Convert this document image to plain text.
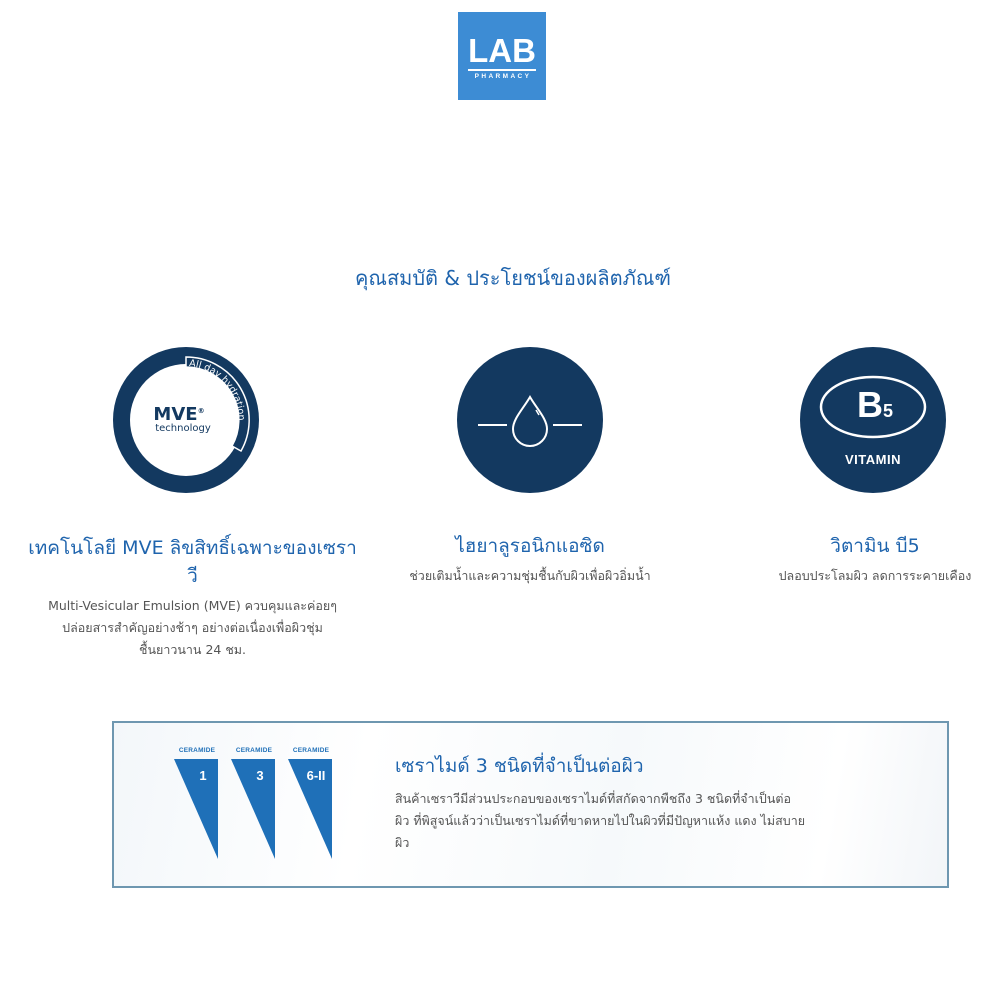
LAB
PHARMACY
คุณสมบัติ & ประโยชน์ของผลิตภัณฑ์
All day hydration
MVE®
technology
เทคโนโลยี MVE ลิขสิทธิ์เฉพาะของเซรา
วี
Multi-Vesicular Emulsion (MVE) ควบคุมและค่อยๆ
ปล่อยสารสำคัญอย่างช้าๆ อย่างต่อเนื่องเพื่อผิวชุ่ม
ชื้นยาวนาน 24 ชม.
ไฮยาลูรอนิกแอซิด
ช่วยเติมน้ำและความชุ่มชื้นกับผิวเพื่อผิวอิ่มน้ำ
B5
VITAMIN
วิตามิน บี5
ปลอบประโลมผิว ลดการระคายเคือง
CERAMIDE
1
CERAMIDE
3
CERAMIDE
6-II	เซราไมด์ 3 ชนิดที่จำเป็นต่อผิว
สินค้าเซราวีมีส่วนประกอบของเซราไมด์ที่สกัดจากพืชถึง 3 ชนิดที่จำเป็นต่อ
ผิว ที่พิสูจน์แล้วว่าเป็นเซราไมด์ที่ขาดหายไปในผิวที่มีปัญหาแห้ง แดง ไม่สบาย
ผิว
